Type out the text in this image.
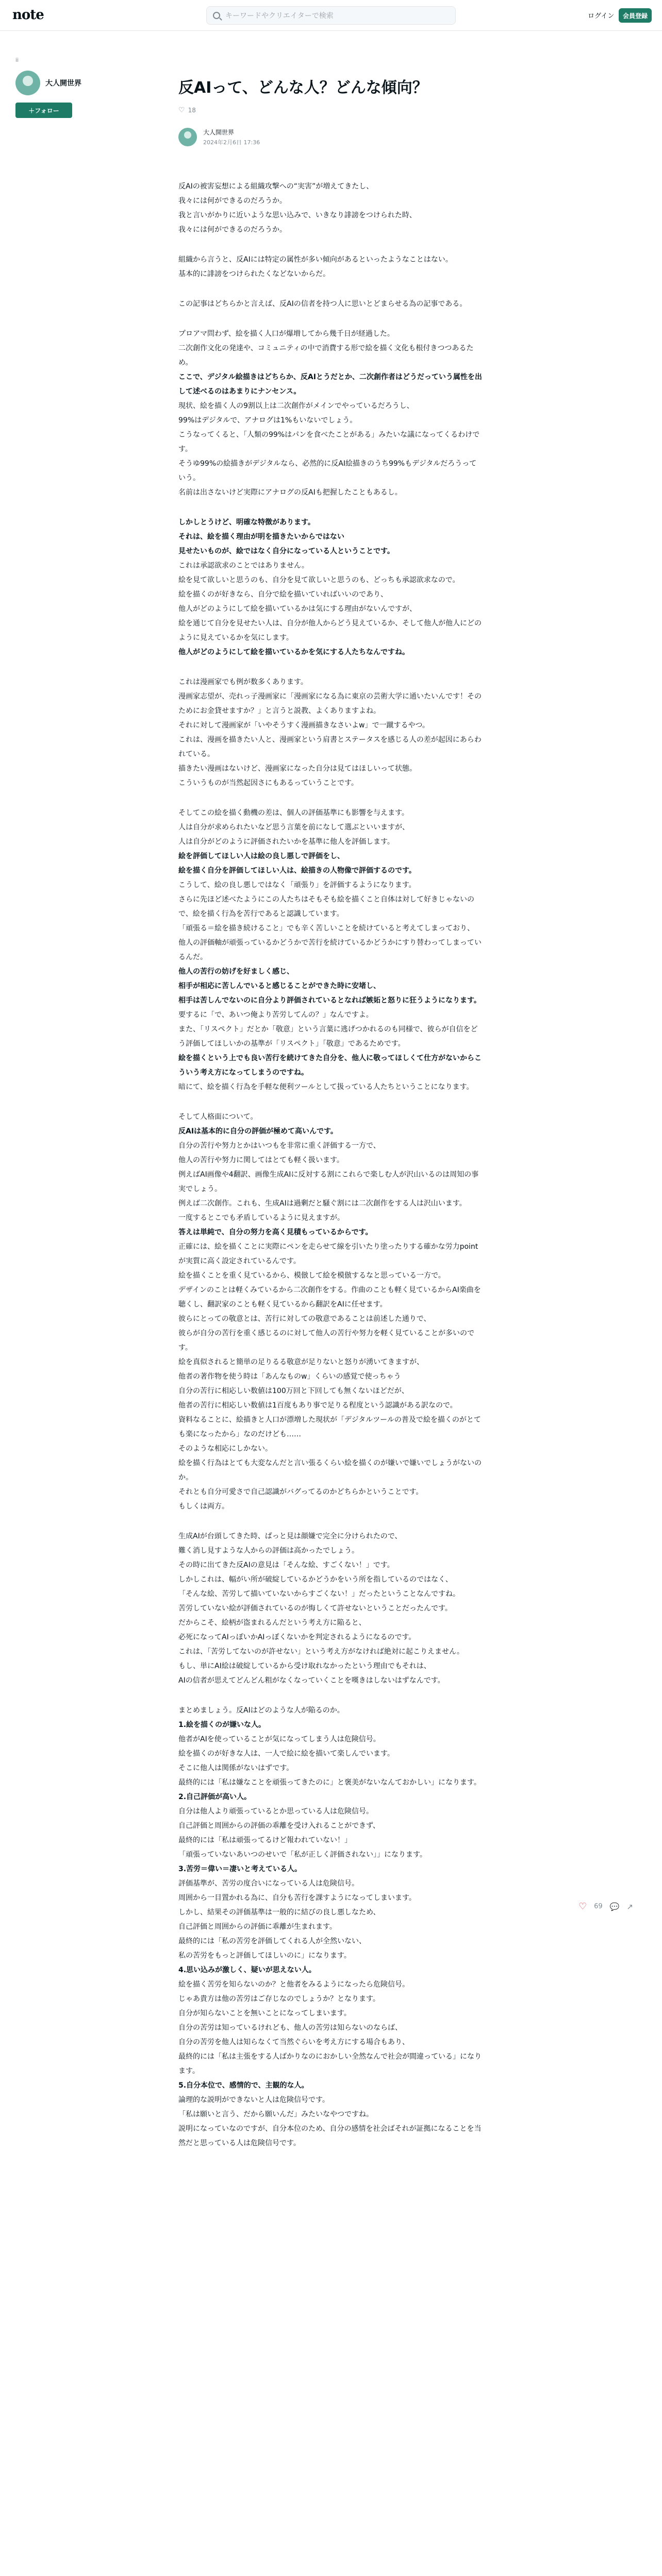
note	キーワードやクリエイターで検索	ログイン	会員登録
ii
大人開世界
＋フォロー
反AIって、どんな人？どんな傾向？
♡ 18
大人開世界
2024年2月6日 17:36

反AIの被害妄想による組織攻撃への“実害”が増えてきたし、

我々には何ができるのだろうか。

我と言いがかりに近いような思い込みで、いきなり誹謗をつけられた時、

我々には何ができるのだろうか。

組織から言うと、反AIには特定の属性が多い傾向があるといったようなことはない。

基本的に誹謗をつけられたくなどないからだ。

この記事はどちらかと言えば、反AIの信者を持つ人に思いとどまらせる為の記事である。

プロアマ問わず、絵を描く人口が爆増してから幾千日が経過した。

二次創作文化の発達や、コミュニティの中で消費する形で絵を描く文化も根付きつつあるため。

ここで、デジタル絵描きはどちらか、反AIとうだとか、二次創作者はどうだっていう属性を出して述べるのはあまりにナンセンス。

現状、絵を描く人の9割以上は二次創作がメインでやっているだろうし、

99%はデジタルで、アナログは1%もいないでしょう。

こうなってくると、「人類の99%はパンを食べたことがある」みたいな議になってくるわけです。

そうゆ99%の絵描きがデジタルなら、必然的に反AI絵描きのうち99%もデジタルだろうっていう。

名前は出さないけど実際にアナログの反AIも把握したこともあるし。

しかしとうけど、明確な特徴があります。

それは、絵を描く理由が明を描きたいからではない

見せたいものが、絵ではなく自分になっている人ということです。

これは承認欲求のことではありません。

絵を見て欲しいと思うのも、自分を見て欲しいと思うのも、どっちも承認欲求なので。

絵を描くのが好きなら、自分で絵を描いていればいいのであり、

他人がどのようにして絵を描いているかは気にする理由がないんですが、

絵を通じて自分を見せたい人は、自分が他人からどう見えているか、そして他人が他人にどのように見えているかを気にします。

他人がどのようにして絵を描いているかを気にする人たちなんですね。

これは漫画家でも例が数多くあります。

漫画家志望が、売れっ子漫画家に「漫画家になる為に東京の芸術大学に通いたいんです！そのためにお金貸せますか？」と言うと説教、よくありますよね。

それに対して漫画家が「いやそうすく漫画描きなさいよw」で一蹴するやつ。

これは、漫画を描きたい人と、漫画家という肩書とステータスを感じる人の差が起因にあらわれている。

描きたい漫画はないけど、漫画家になった自分は見てはほしいって状態。

こういうものが当然起因さにもあるっていうことです。

そしてこの絵を描く動機の差は、個人の評価基準にも影響を与えます。

人は自分が求められたいなど思う言葉を前になして選ぶといいますが、

人は自分がどのように評価されたいかを基準に他人を評価します。

絵を評価してほしい人は絵の良し悪しで評価をし、

絵を描く自分を評価してほしい人は、絵描きの人物像で評価するのです。

こうして、絵の良し悪しではなく「頑張り」を評価するようになります。

さらに先ほど述べたようにこの人たちはそもそも絵を描くこと自体は対して好きじゃないので、絵を描く行為を苦行であると認識しています。

「頑張る＝絵を描き続けること」でも辛く苦しいことを続けていると考えてしまっており、

他人の評価軸が頑張っているかどうかで苦行を続けているかどうかにすり替わってしまっているんだ。

他人の苦行の妨げを好ましく感じ、

相手が相応に苦しんでいると感じることができた時に安堵し、

相手は苦しんでないのに自分より評価されているとなれば嫉妬と怒りに狂うようになります。

要するに「で、あいつ俺より苦労してんの？」なんですよ。

また、「リスペクト」だとか「敬意」という言葉に逃げつかれるのも同様で、彼らが自信をどう評価してほしいかの基準が「リスペクト」「敬意」であるためです。

絵を描くという上でも良い苦行を続けてきた自分を、他人に敬ってほしくて仕方がないからこういう考え方になってしまうのですね。

暗にて、絵を描く行為を手軽な便利ツールとして扱っている人たちということになります。

そして人格面について。

反AIは基本的に自分の評価が極めて高いんです。

自分の苦行や努力とかはいつもを非常に重く評価する一方で、

他人の苦行や努力に関してはとても軽く扱います。

例えばAI画像や4翻訳、画像生成AIに反対する割にこれらで楽しむ人が沢山いるのは周知の事実でしょう。

例えば二次創作。これも、生成AIは過剰だと騒ぐ割には二次創作をする人は沢山います。

一度するとこでも矛盾しているように見えますが。

答えは単純で、自分の努力を高く見積もっているからです。

正確には、絵を描くことに実際にペンを走らせて線を引いたり塗ったりする確かな労力pointが実質に高く設定されているんです。

絵を描くことを重く見ているから、模倣して絵を模倣するなと思っている一方で。

デザインのことは軽くみているから二次創作をする。作曲のことも軽く見ているからAI楽曲を聴くし、翻訳家のことも軽く見ているから翻訳をAIに任せます。

彼らにとっての敬意とは、苦行に対しての敬意であることは前述した通りで、

彼らが自分の苦行を重く感じるのに対して他人の苦行や努力を軽く見ていることが多いのです。

絵を真似されると簡単の足りるる敬意が足りないと怒りが湧いてきますが、

他者の著作物を使う時は「あんなものw」くらいの感覚で使っちゃう

自分の苦行に相応しい数値は100万回と下回しても無くないほどだが、

他者の苦行に相応しい数値は1百度もあり事で足りる程度という認識がある訳なので。

資料なることに、絵描きと人口が漂増した現状が「デジタルツールの普及で絵を描くのがとても楽になったから」なのだけども……

そのような相応にしかない。

絵を描く行為はとても大変なんだと言い張るくらい絵を描くのが嫌いで嫌いでしょうがないのか。

それとも自分可愛さで自己認識がバグってるのかどちらかということです。

もしくは両方。

生成AIが台頭してきた時、ぱっと見は顔嫌で完全に分けられたので、

難く消し見すような人からの評価は高かったでしょう。

その時に出てきた反AIの意見は「そんな絵、すごくない！」です。

しかしこれは、幅がい所が破綻しているかどうかをいう所を指しているのではなく、

「そんな絵、苦労して描いていないからすごくない！」だったということなんですね。

苦労していない絵が評価されているのが悔しくて許せないということだったんです。

だからこそ、絵柄が盗まれるんだという考え方に陥ると、

必死になってAIっぽいかAIっぽくないかを判定されるようになるのです。

これは、「苦労してないのが許せない」という考え方がなければ絶対に起こりえません。

もし、単にAI絵は破綻しているから受け取れなかったという理由でもそれは、

AIの信者が思えてどんどん粗がなくなっていくことを嘆きはしないはずなんです。

まとめましょう。反AIはどのような人が陥るのか。

1.絵を描くのが嫌いな人。

他者がAIを使っていることが気になってしまう人は危険信号。

絵を描くのが好きな人は、一人で絵に絵を描いて楽しんでいます。

そこに他人は関係がないはずです。

最終的には「私は嫌なことを頑張ってきたのに」と褒美がないなんておかしい」になります。

2.自己評価が高い人。

自分は他人より頑張っているとか思っている人は危険信号。

自己評価と周囲からの評価の乖離を受け入れることができず、

最終的には「私は頑張ってるけど報われていない！」

「頑張っていないあいつのせいで「私が正しく評価されない」」になります。

3.苦労＝偉い＝凄いと考えている人。

評価基準が、苦労の度合いになっている人は危険信号。

周囲から一目置かれる為に、自分も苦行を課すようになってしまいます。

しかし、結果その評価基準は一般的に結びの良し悪しなため、

自己評価と周囲からの評価に乖離が生まれます。

最終的には「私の苦労を評価してくれる人が全然いない、

私の苦労をもっと評価してほしいのに」になります。

4.思い込みが激しく、疑いが思えない人。

絵を描く苦労を知らないのか？と他者をみるようになったら危険信号。

じゃあ貴方は他の苦労はご存じなのでしょうか？となります。

自分が知らないことを無いことになってしまいます。

自分の苦労は知っているけれども、他人の苦労は知らないのならば、

自分の苦労を他人は知らなくて当然ぐらいを考え方にする場合もあり、

最終的には「私は主張をする人ばかりなのにおかしい全然なんで社会が間違っている」になります。

5.自分本位で、感情的で、主観的な人。

論理的な説明ができないと人は危険信号です。

「私は願いと言う、だから願いんだ」みたいなやつですね。

説明になっていなのですが、自分本位のため、自分の感情を社会ばそれが証拠になることを当然だと思っている人は危険信号です。

♡ 69 💬 ↗
